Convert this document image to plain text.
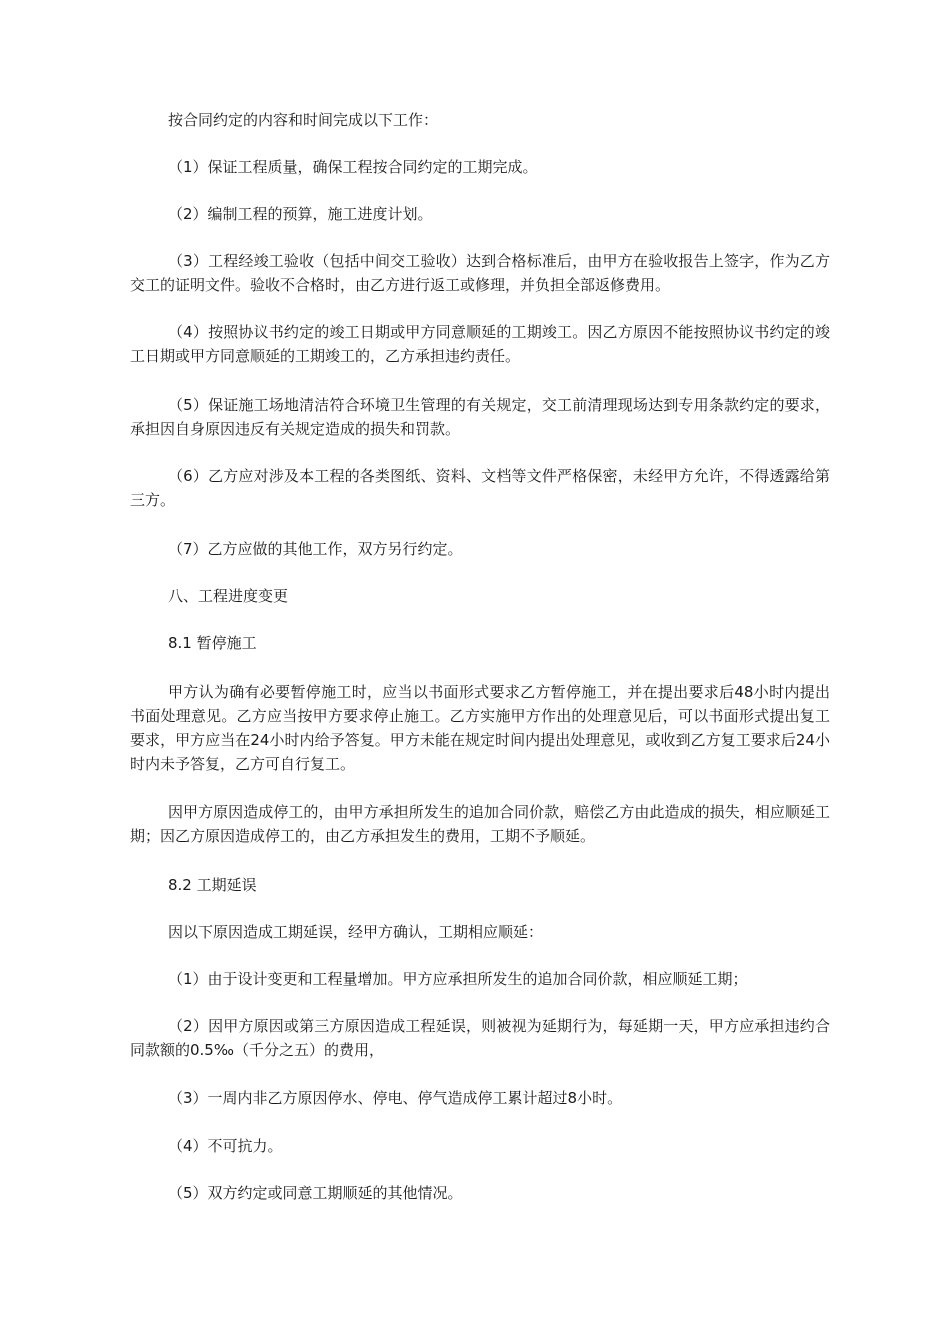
按合同约定的内容和时间完成以下工作：

（1）保证工程质量，确保工程按合同约定的工期完成。

（2）编制工程的预算，施工进度计划。

（3）工程经竣工验收（包括中间交工验收）达到合格标准后，由甲方在验收报告上签字，作为乙方交工的证明文件。验收不合格时，由乙方进行返工或修理，并负担全部返修费用。

（4）按照协议书约定的竣工日期或甲方同意顺延的工期竣工。因乙方原因不能按照协议书约定的竣工日期或甲方同意顺延的工期竣工的，乙方承担违约责任。

（5）保证施工场地清洁符合环境卫生管理的有关规定，交工前清理现场达到专用条款约定的要求，承担因自身原因违反有关规定造成的损失和罚款。

（6）乙方应对涉及本工程的各类图纸、资料、文档等文件严格保密，未经甲方允许，不得透露给第三方。

（7）乙方应做的其他工作，双方另行约定。

八、工程进度变更

8.1 暂停施工

甲方认为确有必要暂停施工时，应当以书面形式要求乙方暂停施工，并在提出要求后48小时内提出书面处理意见。乙方应当按甲方要求停止施工。乙方实施甲方作出的处理意见后，可以书面形式提出复工要求，甲方应当在24小时内给予答复。甲方未能在规定时间内提出处理意见，或收到乙方复工要求后24小时内未予答复，乙方可自行复工。

因甲方原因造成停工的，由甲方承担所发生的追加合同价款，赔偿乙方由此造成的损失，相应顺延工期；因乙方原因造成停工的，由乙方承担发生的费用，工期不予顺延。

8.2 工期延误

因以下原因造成工期延误，经甲方确认，工期相应顺延：

（1）由于设计变更和工程量增加。甲方应承担所发生的追加合同价款，相应顺延工期；

（2）因甲方原因或第三方原因造成工程延误，则被视为延期行为，每延期一天，甲方应承担违约合同款额的0.5‰（千分之五）的费用，

（3）一周内非乙方原因停水、停电、停气造成停工累计超过8小时。

（4）不可抗力。

（5）双方约定或同意工期顺延的其他情况。
